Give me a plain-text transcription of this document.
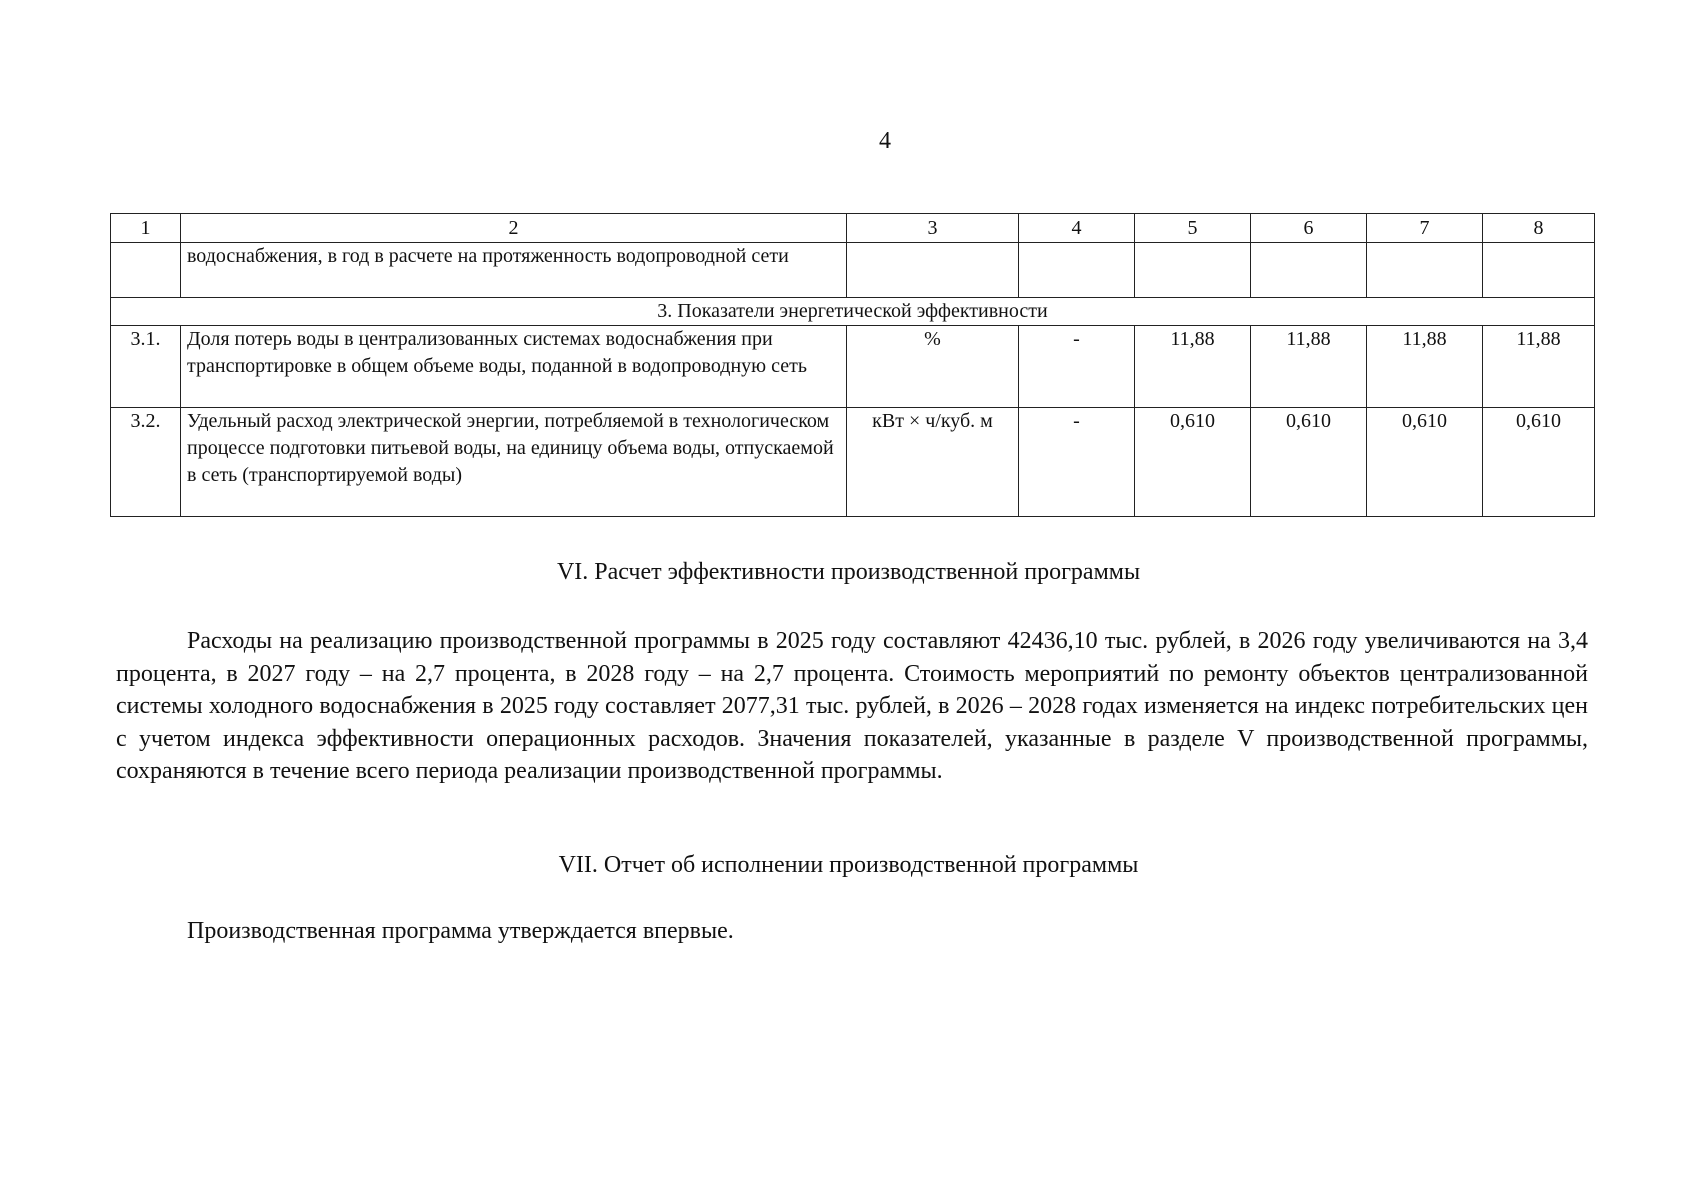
4
1	2	3	4	5	6	7	8
	водоснабжения, в год в расчете на протяженность водопроводной сети						
3. Показатели энергетической эффективности							
3.1.	Доля потерь воды в централизованных системах водоснабжения при транспортировке в общем объеме воды, поданной в водопроводную сеть	%	-	11,88	11,88	11,88	11,88
3.2.	Удельный расход электрической энергии, потребляемой в технологическом процессе подготовки питьевой воды, на единицу объема воды, отпускаемой в сеть (транспортируемой воды)	кВт × ч/куб. м	-	0,610	0,610	0,610	0,610
VI. Расчет эффективности производственной программы

Расходы на реализацию производственной программы в 2025 году составляют 42436,10 тыс. рублей, в 2026 году увеличиваются на 3,4 процента, в 2027 году – на 2,7 процента, в 2028 году – на 2,7 процента. Стоимость мероприятий по ремонту объектов централизованной системы холодного водоснабжения в 2025 году составляет 2077,31 тыс. рублей, в 2026 – 2028 годах изменяется на индекс потребительских цен с учетом индекса эффективности операционных расходов. Значения показателей, указанные в разделе V производственной программы, сохраняются в течение всего периода реализации производственной программы.

VII. Отчет об исполнении производственной программы
Производственная программа утверждается впервые.
